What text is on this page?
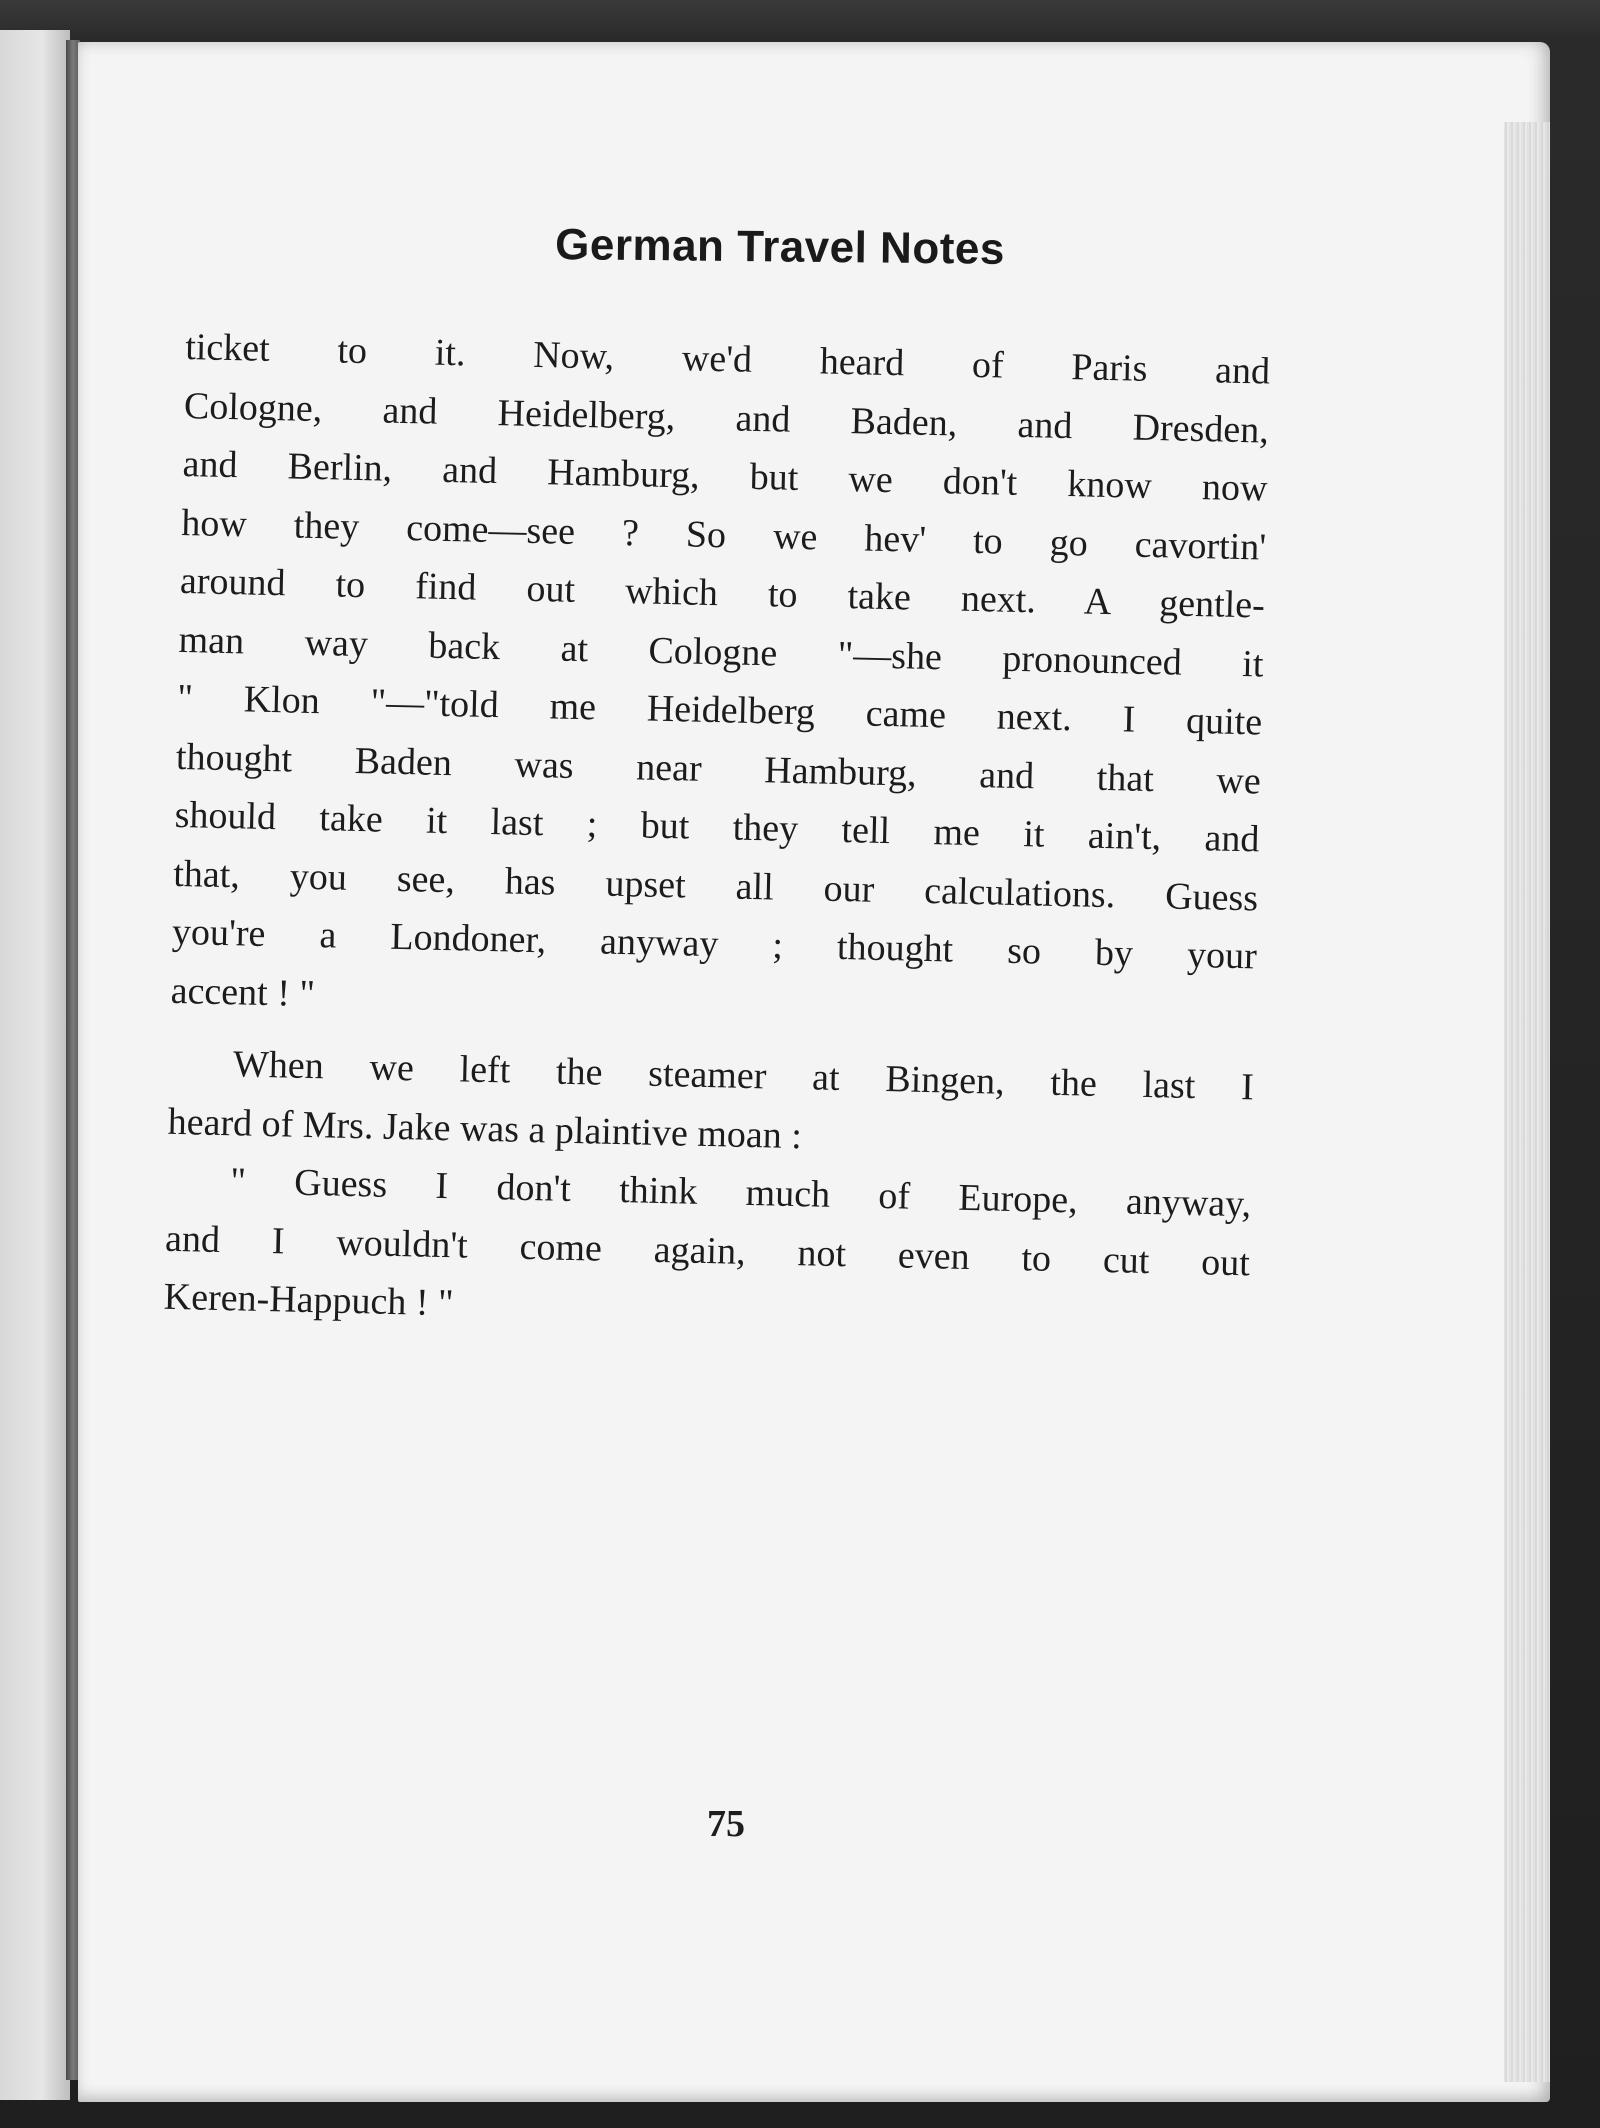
German Travel Notes

ticket to it. Now, we'd heard of Paris and
Cologne, and Heidelberg, and Baden, and Dresden,
and Berlin, and Hamburg, but we don't know now
how they come—see ? So we hev' to go cavortin'
around to find out which to take next. A gentle-
man way back at Cologne "—she pronounced it
" Klon "—"told me Heidelberg came next. I quite
thought Baden was near Hamburg, and that we
should take it last ; but they tell me it ain't, and
that, you see, has upset all our calculations. Guess
you're a Londoner, anyway ; thought so by your
accent ! "

When we left the steamer at Bingen, the last I
heard of Mrs. Jake was a plaintive moan :

" Guess I don't think much of Europe, anyway,
and I wouldn't come again, not even to cut out
Keren-Happuch ! "

75
